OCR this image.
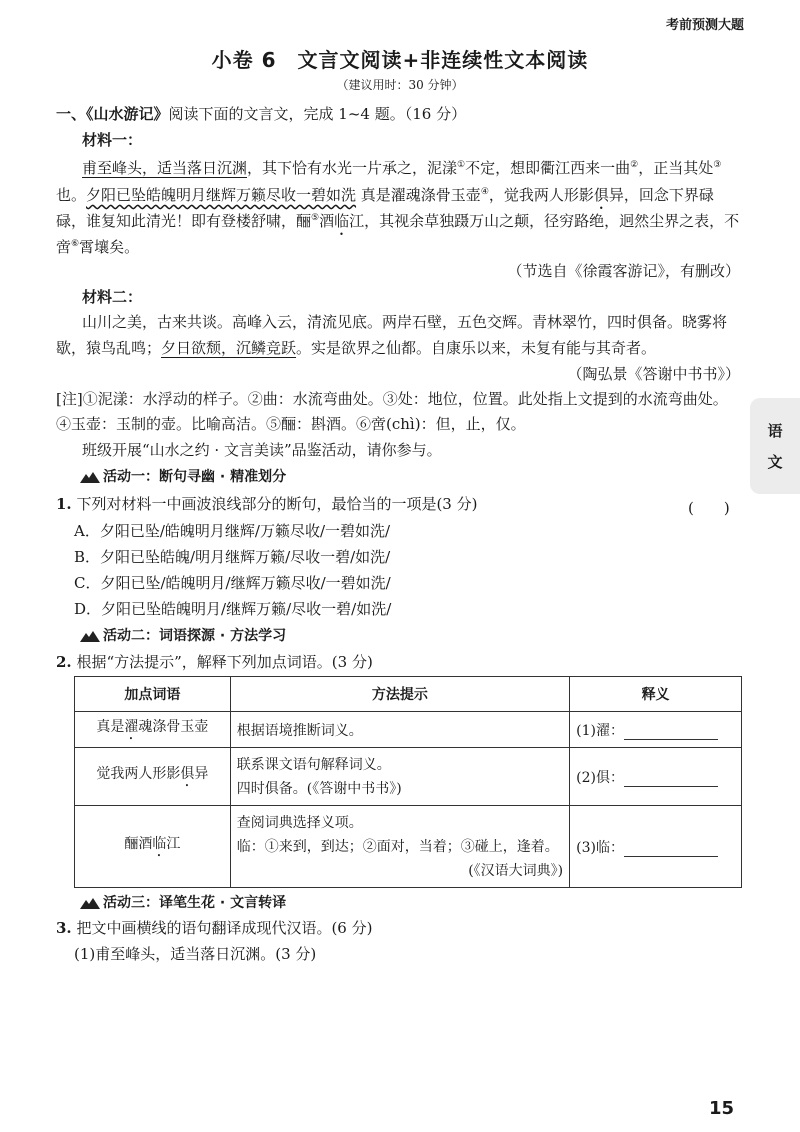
考前预测大题
小卷 6　文言文阅读+非连续性文本阅读
（建议用时：30 分钟）
一、《山水游记》阅读下面的文言文，完成 1~4 题。（16 分）
材料一：
甫至峰头，适当落日沉渊，其下恰有水光一片承之，泥漾①不定，想即衢江西来一曲②，正当其处③
也。夕阳已坠皓魄明月继辉万籁尽收一碧如洗 真是濯魂涤骨玉壶④，觉我两人形影俱异，回念下界碌
碌，谁复知此清光！即有登楼舒啸，酾⑤酒临江，其视余草独蹑万山之颠，径穷路绝，迥然尘界之表，不
啻⑥霄壤矣。
（节选自《徐霞客游记》，有删改）
材料二：
山川之美，古来共谈。高峰入云，清流见底。两岸石壁，五色交辉。青林翠竹，四时俱备。晓雾将
歇，猿鸟乱鸣；夕日欲颓，沉鳞竞跃。实是欲界之仙都。自康乐以来，未复有能与其奇者。
（陶弘景《答谢中书书》）
[注]①泥漾：水浮动的样子。②曲：水流弯曲处。③处：地位，位置。此处指上文提到的水流弯曲处。
④玉壶：玉制的壶。比喻高洁。⑤酾：斟酒。⑥啻(chì)：但，止，仅。
班级开展“山水之约 · 文言美读”品鉴活动，请你参与。
活动一：断句寻幽 · 精准划分
1. 下列对材料一中画波浪线部分的断句，最恰当的一项是(3 分)	(　　)
A．夕阳已坠/皓魄明月继辉/万籁尽收/一碧如洗/
B．夕阳已坠皓魄/明月继辉万籁/尽收一碧/如洗/
C．夕阳已坠/皓魄明月/继辉万籁尽收/一碧如洗/
D．夕阳已坠皓魄明月/继辉万籁/尽收一碧/如洗/
活动二：词语探源 · 方法学习
2. 根据“方法提示”，解释下列加点词语。(3 分)
加点词语	方法提示	释义
真是濯魂涤骨玉壶	根据语境推断词义。	(1)濯：
觉我两人形影俱异	联系课文语句解释词义。
四时俱备。(《答谢中书书》)	(2)俱：
酾酒临江	查阅词典选择义项。
临：①来到，到达；②面对，当着；③碰上，逢着。
(《汉语大词典》)	(3)临：
活动三：译笔生花 · 文言转译
3. 把文中画横线的语句翻译成现代汉语。(6 分)
(1)甫至峰头，适当落日沉渊。(3 分)
语
文
15
